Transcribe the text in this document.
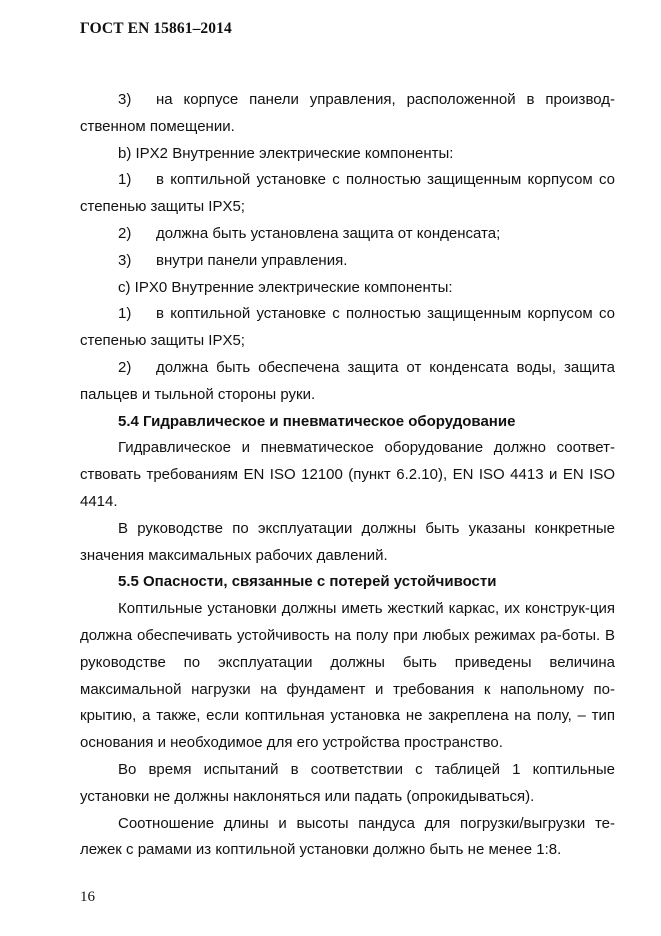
ГОСТ EN 15861–2014

3) на корпусе панели управления, расположенной в производ-ственном помещении.

b) IPX2 Внутренние электрические компоненты:

1) в коптильной установке с полностью защищенным корпусом со степенью защиты IPX5;

2) должна быть установлена защита от конденсата;

3) внутри панели управления.

c) IPX0 Внутренние электрические компоненты:

1) в коптильной установке с полностью защищенным корпусом со степенью защиты IPX5;

2) должна быть обеспечена защита от конденсата воды, защита пальцев и тыльной стороны руки.

5.4 Гидравлическое и пневматическое оборудование

Гидравлическое и пневматическое оборудование должно соответ-ствовать требованиям EN ISO 12100 (пункт 6.2.10), EN ISO 4413 и EN ISO 4414.

В руководстве по эксплуатации должны быть указаны конкретные значения максимальных рабочих давлений.

5.5 Опасности, связанные с потерей устойчивости

Коптильные установки должны иметь жесткий каркас, их конструк-ция должна обеспечивать устойчивость на полу при любых режимах ра-боты. В руководстве по эксплуатации должны быть приведены величина максимальной нагрузки на фундамент и требования к напольному по-крытию, а также, если коптильная установка не закреплена на полу, – тип основания и необходимое для его устройства пространство.

Во время испытаний в соответствии с таблицей 1 коптильные установки не должны наклоняться или падать (опрокидываться).

Соотношение длины и высоты пандуса для погрузки/выгрузки те-лежек с рамами из коптильной установки должно быть не менее 1:8.

16
